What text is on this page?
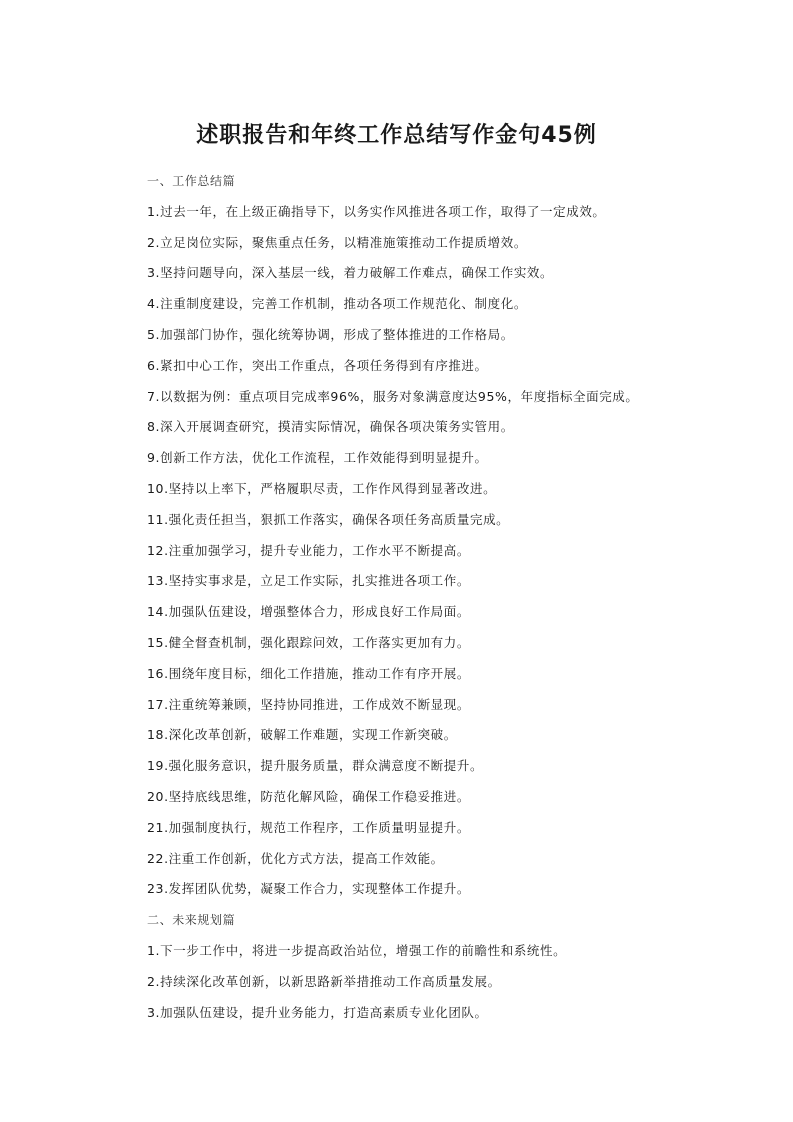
述职报告和年终工作总结写作金句45例
一、工作总结篇
1.过去一年，在上级正确指导下，以务实作风推进各项工作，取得了一定成效。
2.立足岗位实际，聚焦重点任务，以精准施策推动工作提质增效。
3.坚持问题导向，深入基层一线，着力破解工作难点，确保工作实效。
4.注重制度建设，完善工作机制，推动各项工作规范化、制度化。
5.加强部门协作，强化统筹协调，形成了整体推进的工作格局。
6.紧扣中心工作，突出工作重点，各项任务得到有序推进。
7.以数据为例：重点项目完成率96%，服务对象满意度达95%，年度指标全面完成。
8.深入开展调查研究，摸清实际情况，确保各项决策务实管用。
9.创新工作方法，优化工作流程，工作效能得到明显提升。
10.坚持以上率下，严格履职尽责，工作作风得到显著改进。
11.强化责任担当，狠抓工作落实，确保各项任务高质量完成。
12.注重加强学习，提升专业能力，工作水平不断提高。
13.坚持实事求是，立足工作实际，扎实推进各项工作。
14.加强队伍建设，增强整体合力，形成良好工作局面。
15.健全督查机制，强化跟踪问效，工作落实更加有力。
16.围绕年度目标，细化工作措施，推动工作有序开展。
17.注重统筹兼顾，坚持协同推进，工作成效不断显现。
18.深化改革创新，破解工作难题，实现工作新突破。
19.强化服务意识，提升服务质量，群众满意度不断提升。
20.坚持底线思维，防范化解风险，确保工作稳妥推进。
21.加强制度执行，规范工作程序，工作质量明显提升。
22.注重工作创新，优化方式方法，提高工作效能。
23.发挥团队优势，凝聚工作合力，实现整体工作提升。
二、未来规划篇
1.下一步工作中，将进一步提高政治站位，增强工作的前瞻性和系统性。
2.持续深化改革创新，以新思路新举措推动工作高质量发展。
3.加强队伍建设，提升业务能力，打造高素质专业化团队。
